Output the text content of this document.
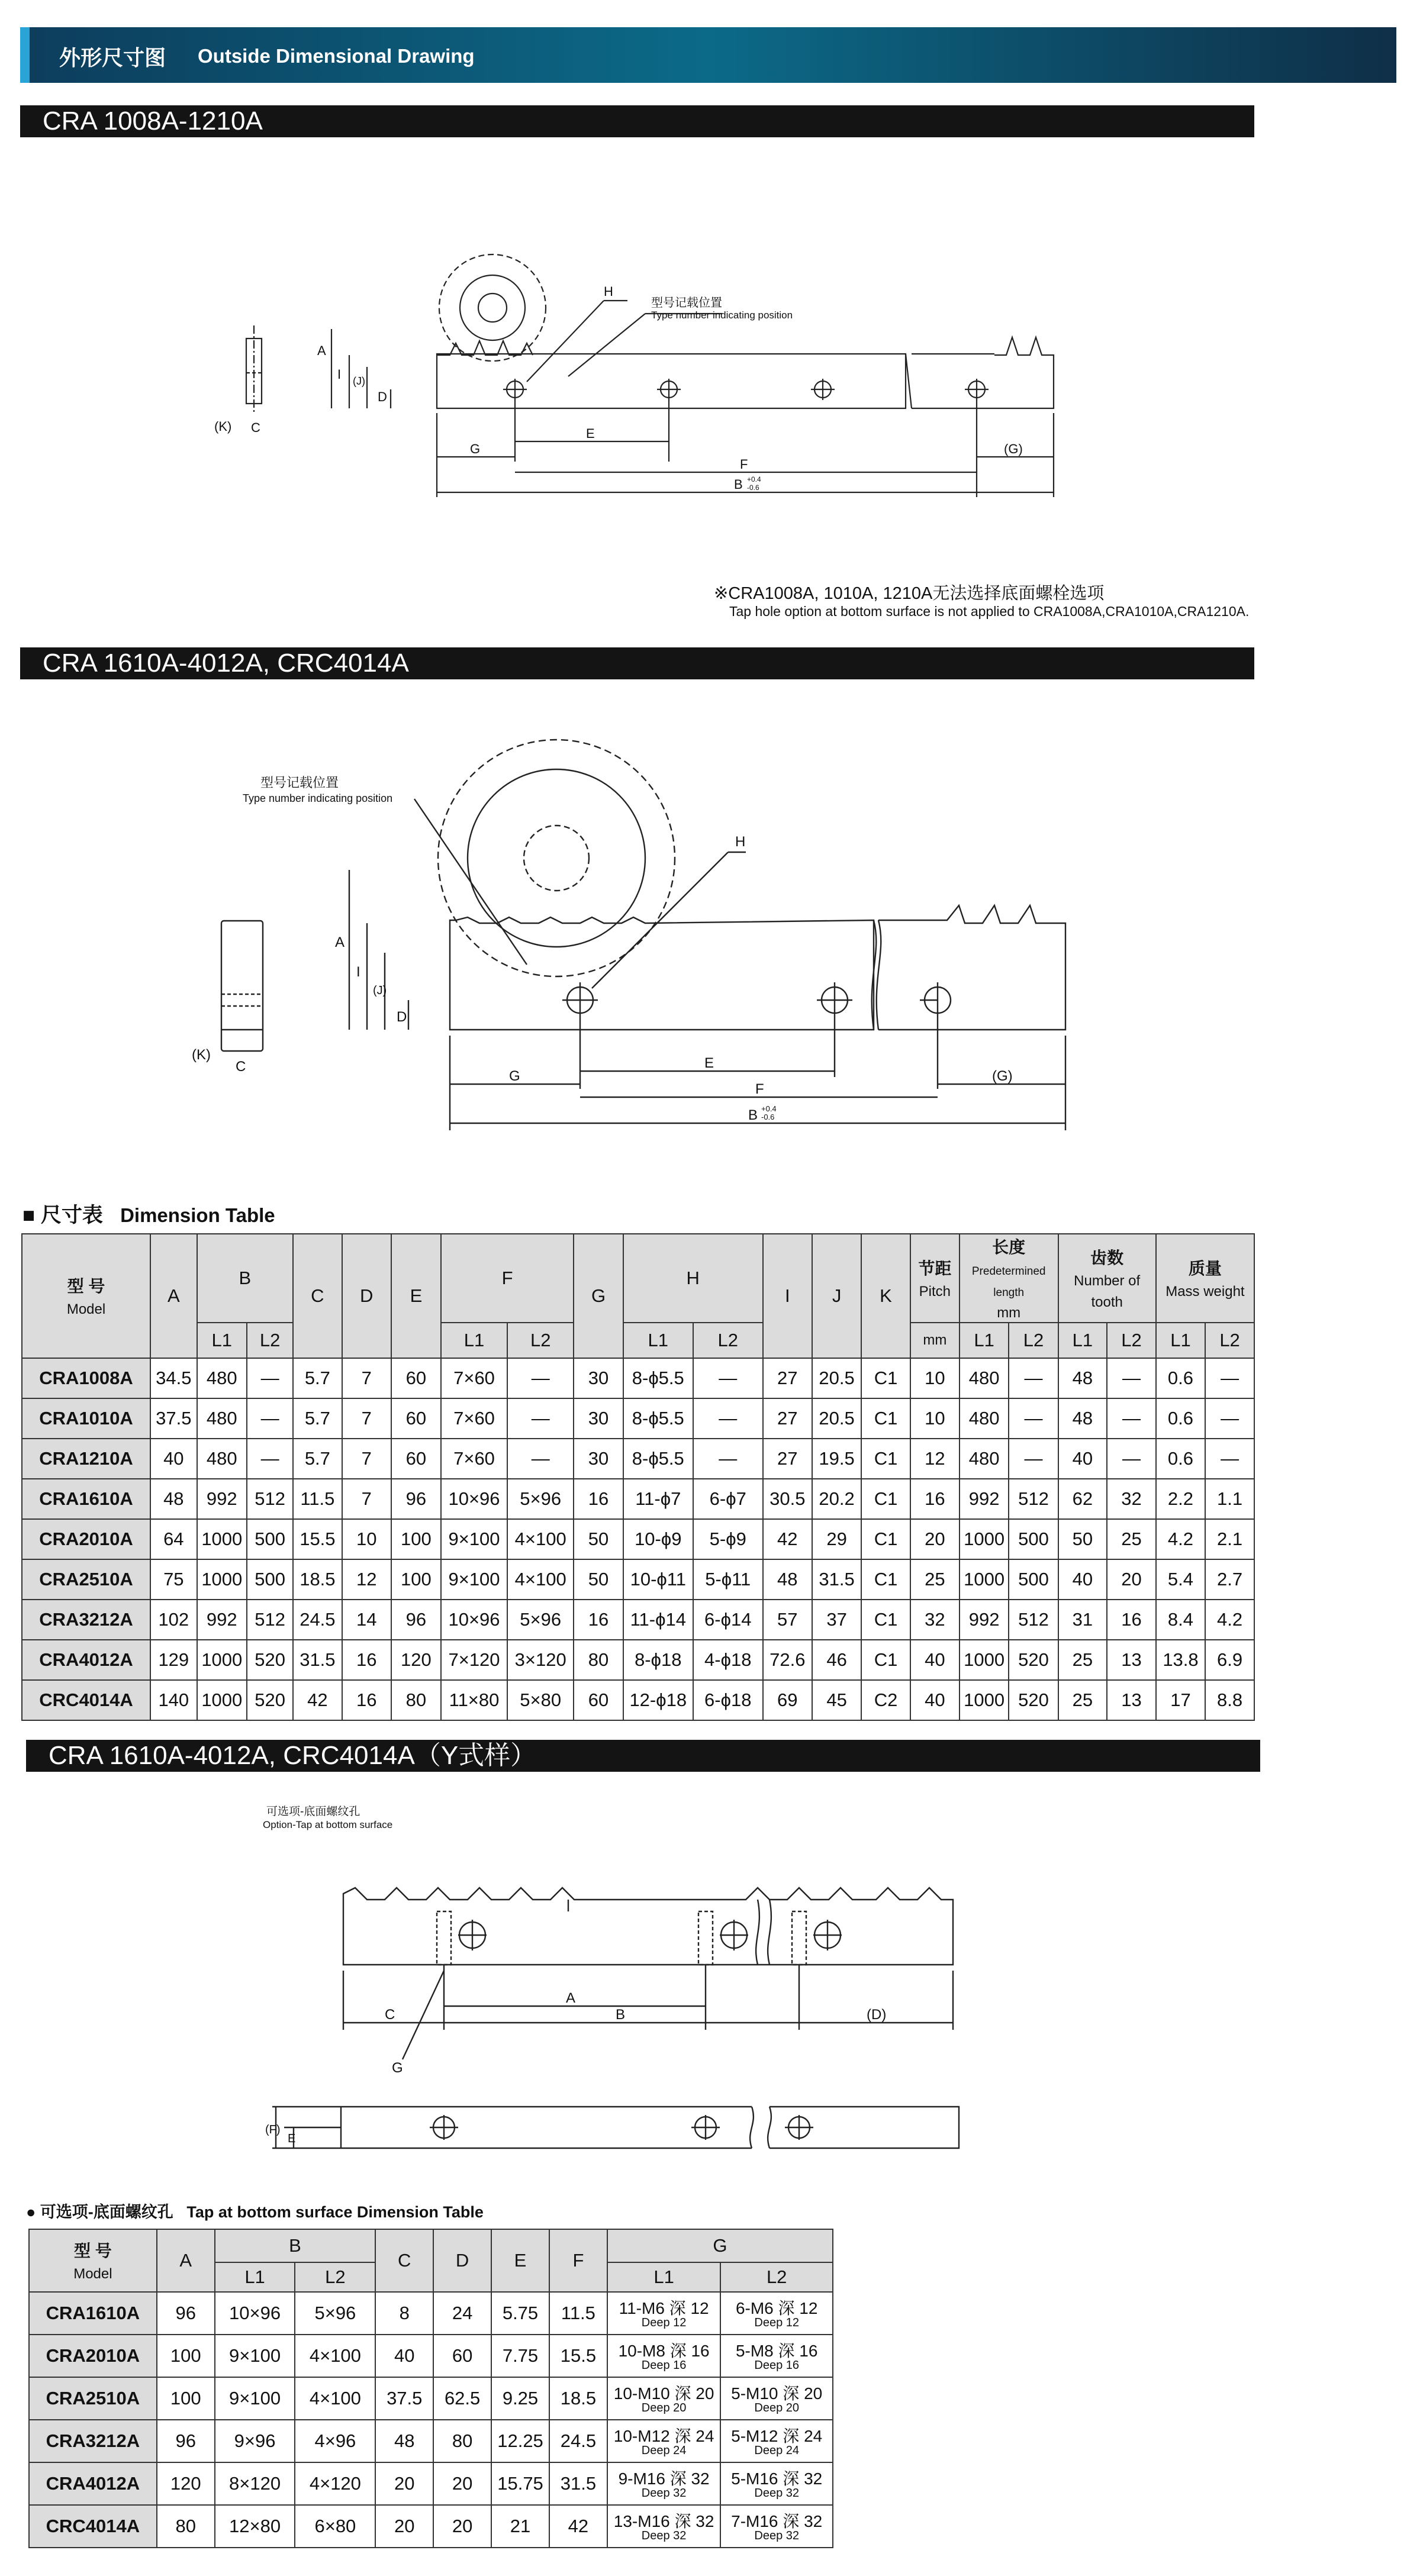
外形尺寸图 Outside Dimensional Drawing
CRA 1008A-1210A
H
型号记载位置
Type number indicating position
A
I (J)
D
C
(K)	E
F
G	(G)
B +0.4
-0.6
※CRA1008A, 1010A, 1210A无法选择底面螺栓选项
Tap hole option at bottom surface is not applied to CRA1008A,CRA1010A,CRA1210A.
CRA 1610A-4012A, CRC4014A
型号记载位置
Type number indicating position
H
A
I
(J)
D
C
(K)
E
F
G	(G)
B +0.4
-0.6
■ 尺寸表 Dimension Table
型 号
Model	A	B		C	D	E	F		G	H		I	J	K	节距
Pitch	长度
Predetermined length
mm		齿数
Number of tooth		质量
Mass weight	
		L1	L2				L1	L2		L1	L2				mm	L1	L2	L1	L2	L1	L2
CRA1008A	34.5	480	—	5.7	7	60	7×60	—	30	8-ϕ5.5	—	27	20.5	C1	10	480	—	48	—	0.6	—
CRA1010A	37.5	480	—	5.7	7	60	7×60	—	30	8-ϕ5.5	—	27	20.5	C1	10	480	—	48	—	0.6	—
CRA1210A	40	480	—	5.7	7	60	7×60	—	30	8-ϕ5.5	—	27	19.5	C1	12	480	—	40	—	0.6	—
CRA1610A	48	992	512	11.5	7	96	10×96	5×96	16	11-ϕ7	6-ϕ7	30.5	20.2	C1	16	992	512	62	32	2.2	1.1
CRA2010A	64	1000	500	15.5	10	100	9×100	4×100	50	10-ϕ9	5-ϕ9	42	29	C1	20	1000	500	50	25	4.2	2.1
CRA2510A	75	1000	500	18.5	12	100	9×100	4×100	50	10-ϕ11	5-ϕ11	48	31.5	C1	25	1000	500	40	20	5.4	2.7
CRA3212A	102	992	512	24.5	14	96	10×96	5×96	16	11-ϕ14	6-ϕ14	57	37	C1	32	992	512	31	16	8.4	4.2
CRA4012A	129	1000	520	31.5	16	120	7×120	3×120	80	8-ϕ18	4-ϕ18	72.6	46	C1	40	1000	520	25	13	13.8	6.9
CRC4014A	140	1000	520	42	16	80	11×80	5×80	60	12-ϕ18	6-ϕ18	69	45	C2	40	1000	520	25	13	17	8.8
CRA 1610A-4012A, CRC4014A（Y式样）
可选项-底面螺纹孔
Option-Tap at bottom surface
A
B
C	(D)
G
E
(F)
● 可选项-底面螺纹孔 Tap at bottom surface Dimension Table
型 号
Model	A	B		C	D	E	F	G	
		L1	L2					L1	L2
CRA1610A	96	10×96	5×96	8	24	5.75	11.5	11-M6 深 12
Deep 12	6-M6 深 12
Deep 12

CRA2010A	100	9×100	4×100	40	60	7.75	15.5	10-M8 深 16
Deep 16	5-M8 深 16
Deep 16

CRA2510A	100	9×100	4×100	37.5	62.5	9.25	18.5	10-M10 深 20
Deep 20	5-M10 深 20
Deep 20

CRA3212A	96	9×96	4×96	48	80	12.25	24.5	10-M12 深 24
Deep 24	5-M12 深 24
Deep 24

CRA4012A	120	8×120	4×120	20	20	15.75	31.5	9-M16 深 32
Deep 32	5-M16 深 32
Deep 32

CRC4014A	80	12×80	6×80	20	20	21	42	13-M16 深 32
Deep 32	7-M16 深 32
Deep 32
